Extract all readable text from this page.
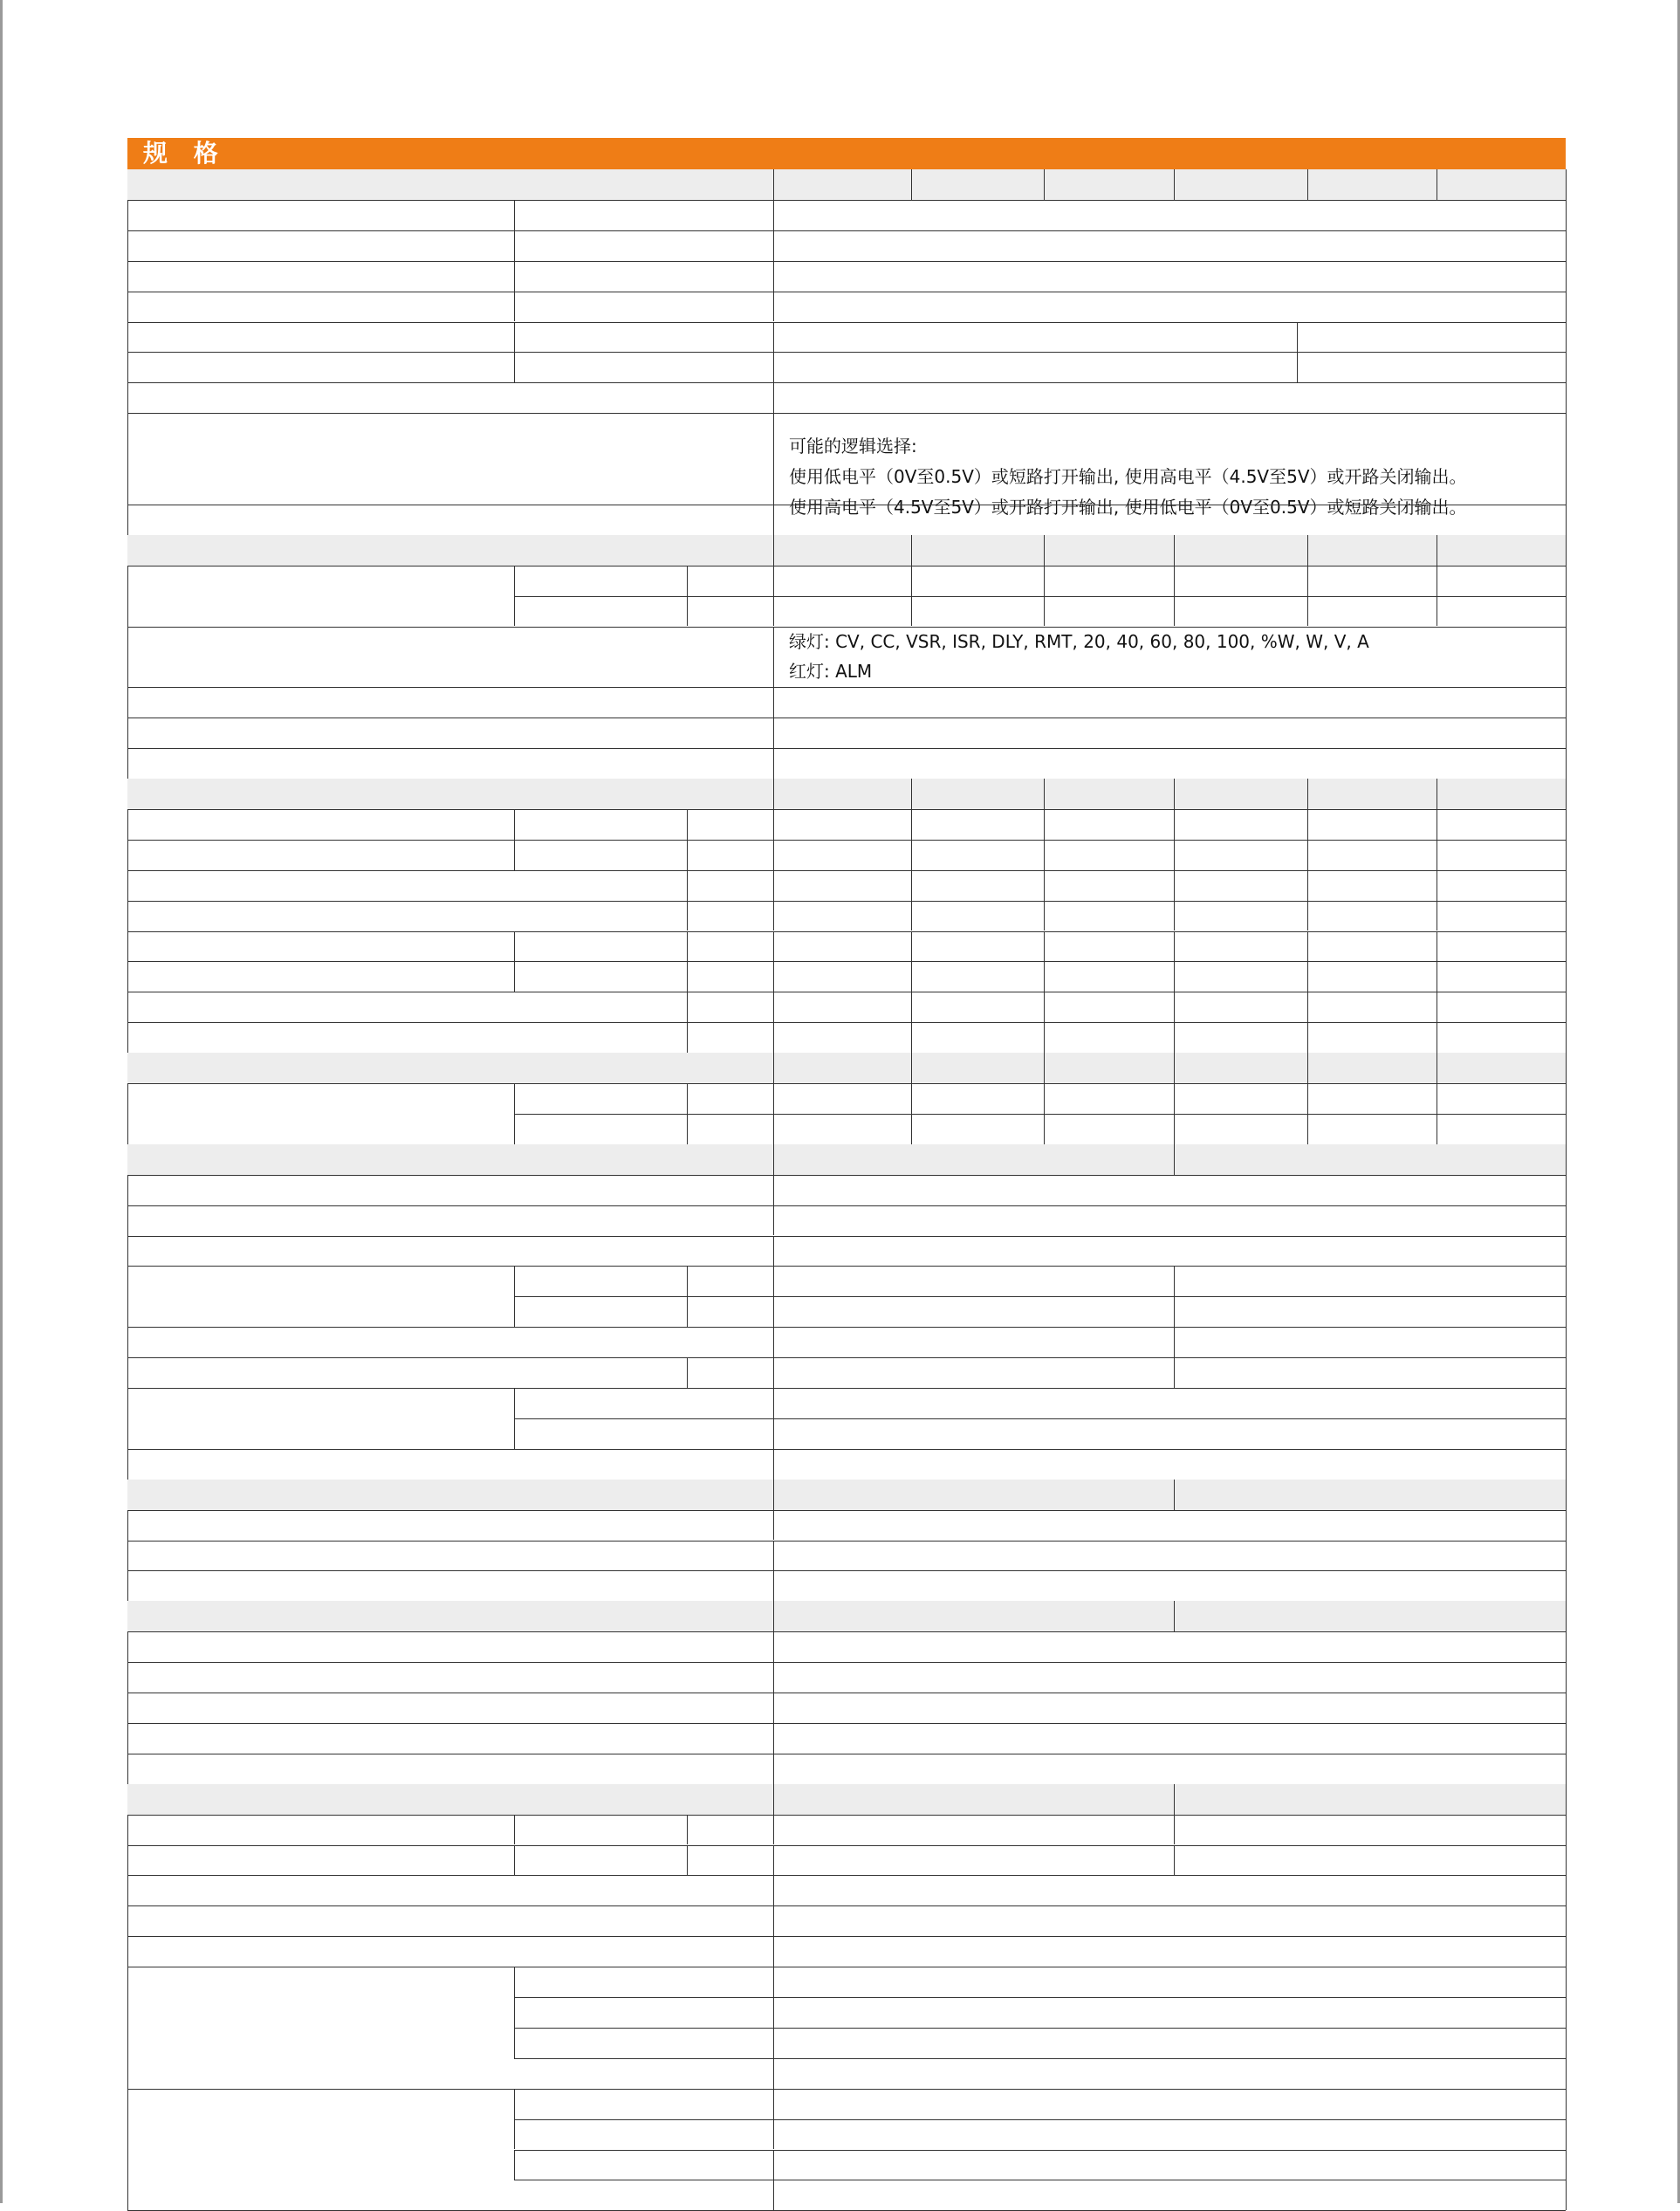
规 格
可能的逻辑选择:
使用低电平（0V至0.5V）或短路打开输出, 使用高电平（4.5V至5V）或开路关闭输出。
使用高电平（4.5V至5V）或开路打开输出, 使用低电平（0V至0.5V）或短路关闭输出。
绿灯: CV, CC, VSR, ISR, DLY, RMT, 20, 40, 60, 80, 100, %W, W, V, A
红灯: ALM
